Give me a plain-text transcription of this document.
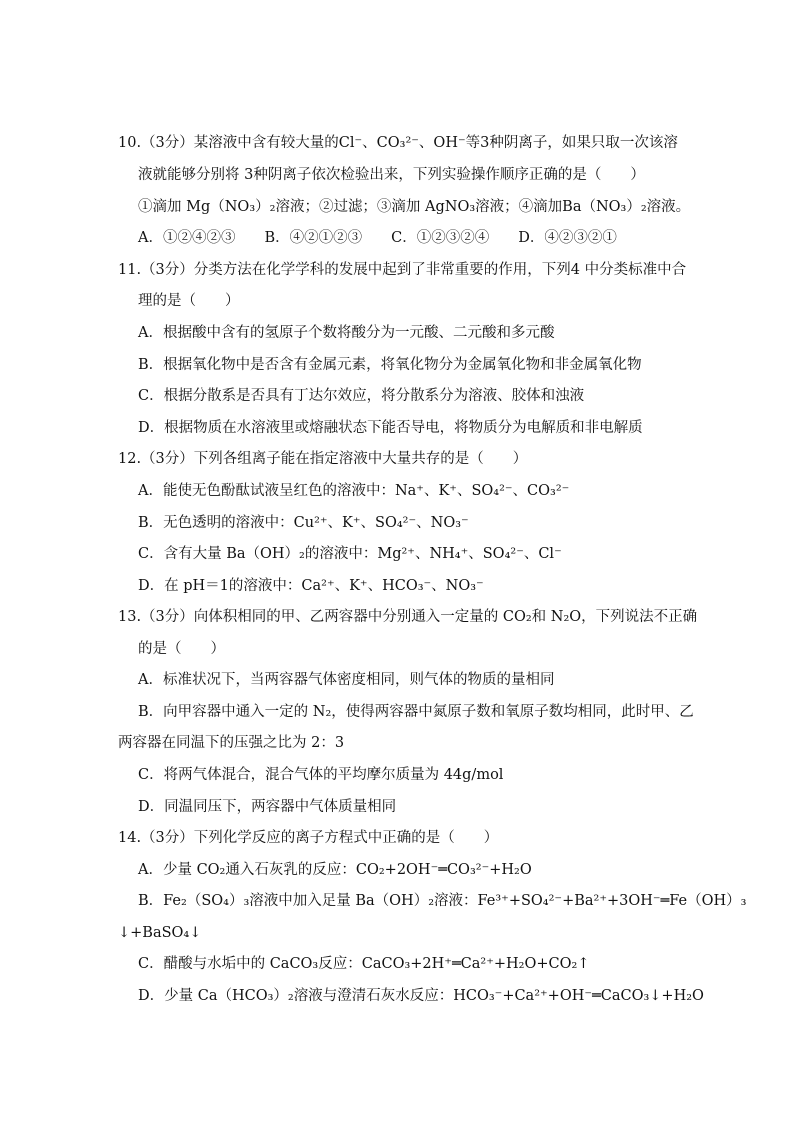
10.（3分）某溶液中含有较大量的Cl⁻、CO₃²⁻、OH⁻等3种阴离子，如果只取一次该溶
液就能够分别将 3种阴离子依次检验出来，下列实验操作顺序正确的是（　　）
①滴加 Mg（NO₃）₂溶液；②过滤；③滴加 AgNO₃溶液；④滴加Ba（NO₃）₂溶液。
A．①②④②③　　B．④②①②③　　C．①②③②④　　D．④②③②①
11.（3分）分类方法在化学学科的发展中起到了非常重要的作用，下列4 中分类标准中合
理的是（　　）
A．根据酸中含有的氢原子个数将酸分为一元酸、二元酸和多元酸
B．根据氧化物中是否含有金属元素，将氧化物分为金属氧化物和非金属氧化物
C．根据分散系是否具有丁达尔效应，将分散系分为溶液、胶体和浊液
D．根据物质在水溶液里或熔融状态下能否导电，将物质分为电解质和非电解质
12.（3分）下列各组离子能在指定溶液中大量共存的是（　　）
A．能使无色酚酞试液呈红色的溶液中：Na⁺、K⁺、SO₄²⁻、CO₃²⁻
B．无色透明的溶液中：Cu²⁺、K⁺、SO₄²⁻、NO₃⁻
C．含有大量 Ba（OH）₂的溶液中：Mg²⁺、NH₄⁺、SO₄²⁻、Cl⁻
D．在 pH＝1的溶液中：Ca²⁺、K⁺、HCO₃⁻、NO₃⁻
13.（3分）向体积相同的甲、乙两容器中分别通入一定量的 CO₂和 N₂O，下列说法不正确
的是（　　）
A．标准状况下，当两容器气体密度相同，则气体的物质的量相同
B．向甲容器中通入一定的 N₂，使得两容器中氮原子数和氧原子数均相同，此时甲、乙
两容器在同温下的压强之比为 2：3
C．将两气体混合，混合气体的平均摩尔质量为 44g/mol
D．同温同压下，两容器中气体质量相同
14.（3分）下列化学反应的离子方程式中正确的是（　　）
A．少量 CO₂通入石灰乳的反应：CO₂+2OH⁻═CO₃²⁻+H₂O
B．Fe₂（SO₄）₃溶液中加入足量 Ba（OH）₂溶液：Fe³⁺+SO₄²⁻+Ba²⁺+3OH⁻═Fe（OH）₃
↓+BaSO₄↓
C．醋酸与水垢中的 CaCO₃反应：CaCO₃+2H⁺═Ca²⁺+H₂O+CO₂↑
D．少量 Ca（HCO₃）₂溶液与澄清石灰水反应：HCO₃⁻+Ca²⁺+OH⁻═CaCO₃↓+H₂O
